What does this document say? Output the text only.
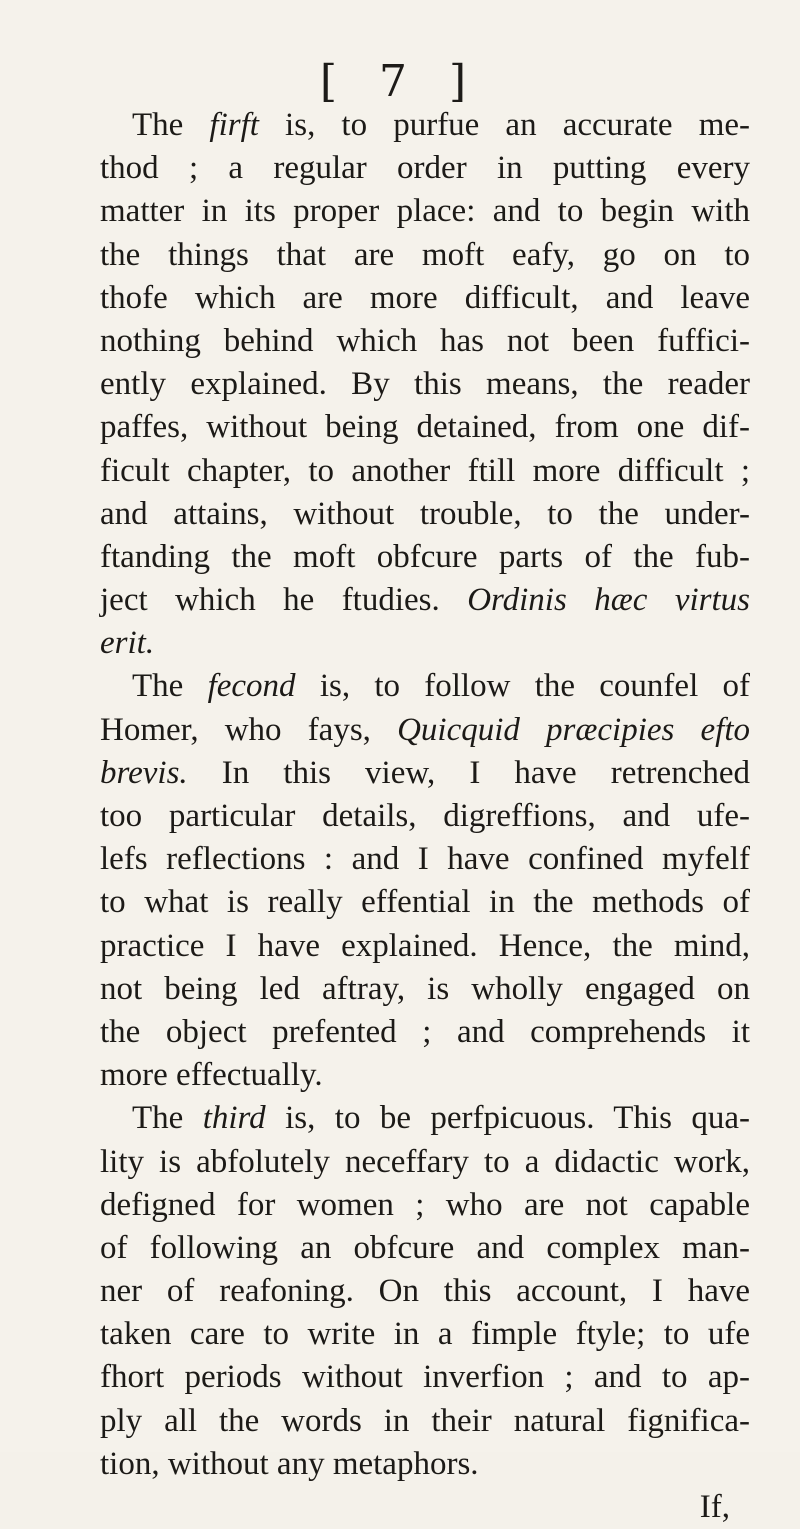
[ 7 ]
The firft is, to purfue an accurate me-
thod ; a regular order in putting every
matter in its proper place: and to begin with
the things that are moft eafy, go on to
thofe which are more difficult, and leave
nothing behind which has not been fuffici-
ently explained. By this means, the reader
paffes, without being detained, from one dif-
ficult chapter, to another ftill more difficult ;
and attains, without trouble, to the under-
ftanding the moft obfcure parts of the fub-
ject which he ftudies. Ordinis hæc virtus
erit.
The fecond is, to follow the counfel of
Homer, who fays, Quicquid præcipies efto
brevis. In this view, I have retrenched
too particular details, digreffions, and ufe-
lefs reflections : and I have confined myfelf
to what is really effential in the methods of
practice I have explained. Hence, the mind,
not being led aftray, is wholly engaged on
the object prefented ; and comprehends it
more effectually.
The third is, to be perfpicuous. This qua-
lity is abfolutely neceffary to a didactic work,
defigned for women ; who are not capable
of following an obfcure and complex man-
ner of reafoning. On this account, I have
taken care to write in a fimple ftyle; to ufe
fhort periods without inverfion ; and to ap-
ply all the words in their natural fignifica-
tion, without any metaphors.
If,
